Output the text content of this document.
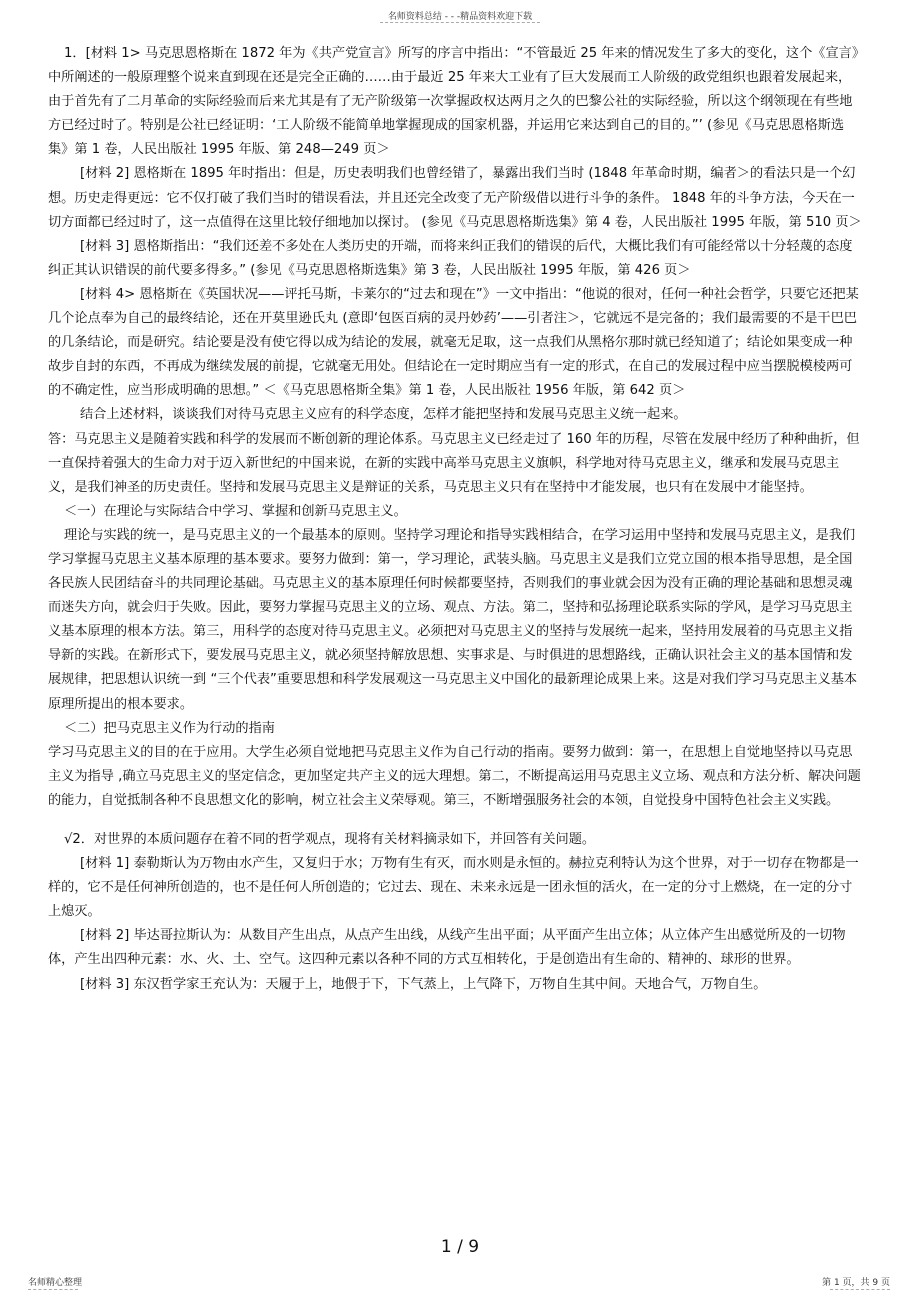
名师资料总结 - - -精品资料欢迎下载

1．[材料 1> 马克思恩格斯在 1872 年为《共产党宣言》所写的序言中指出：“不管最近 25 年来的情况发生了多大的变化，这个《宣言》中所阐述的一般原理整个说来直到现在还是完全正确的……由于最近 25 年来大工业有了巨大发展而工人阶级的政党组织也跟着发展起来，由于首先有了二月革命的实际经验而后来尤其是有了无产阶级第一次掌握政权达两月之久的巴黎公社的实际经验，所以这个纲领现在有些地方已经过时了。特别是公社已经证明：‘工人阶级不能简单地掌握现成的国家机器，并运用它来达到自己的目的。”’ (参见《马克思恩格斯选集》第 1 卷，人民出版社 1995 年版、第 248—249 页＞

[材料 2] 恩格斯在 1895 年时指出：但是，历史表明我们也曾经错了，暴露出我们当时 (1848 年革命时期，编者＞的看法只是一个幻想。历史走得更远：它不仅打破了我们当时的错误看法，并且还完全改变了无产阶级借以进行斗争的条件。 1848 年的斗争方法，今天在一切方面都已经过时了，这一点值得在这里比较仔细地加以探讨。 (参见《马克思恩格斯选集》第 4 卷，人民出版社 1995 年版，第 510 页＞

[材料 3] 恩格斯指出：“我们还差不多处在人类历史的开端，而将来纠正我们的错误的后代，大概比我们有可能经常以十分轻蔑的态度纠正其认识错误的前代要多得多。” (参见《马克思恩格斯选集》第 3 卷，人民出版社 1995 年版，第 426 页＞

[材料 4> 恩格斯在《英国状况——评托马斯，卡莱尔的“过去和现在”》一文中指出：“他说的很对，任何一种社会哲学，只要它还把某几个论点奉为自己的最终结论，还在开莫里逊氏丸 (意即‘包医百病的灵丹妙药’——引者注＞，它就远不是完备的；我们最需要的不是干巴巴的几条结论，而是研究。结论要是没有使它得以成为结论的发展，就毫无足取，这一点我们从黑格尔那时就已经知道了；结论如果变成一种故步自封的东西，不再成为继续发展的前提，它就毫无用处。但结论在一定时期应当有一定的形式，在自己的发展过程中应当摆脱模棱两可的不确定性，应当形成明确的思想。” ＜《马克思恩格斯全集》第 1 卷，人民出版社 1956 年版，第 642 页＞

结合上述材料，谈谈我们对待马克思主义应有的科学态度，怎样才能把坚持和发展马克思主义统一起来。

答：马克思主义是随着实践和科学的发展而不断创新的理论体系。马克思主义已经走过了 160 年的历程，尽管在发展中经历了种种曲折，但一直保持着强大的生命力对于迈入新世纪的中国来说，在新的实践中高举马克思主义旗帜，科学地对待马克思主义，继承和发展马克思主义，是我们神圣的历史责任。坚持和发展马克思主义是辩证的关系，马克思主义只有在坚持中才能发展，也只有在发展中才能坚持。

＜一）在理论与实际结合中学习、掌握和创新马克思主义。

理论与实践的统一，是马克思主义的一个最基本的原则。坚持学习理论和指导实践相结合，在学习运用中坚持和发展马克思主义，是我们学习掌握马克思主义基本原理的基本要求。要努力做到：第一，学习理论，武装头脑。马克思主义是我们立党立国的根本指导思想，是全国各民族人民团结奋斗的共同理论基础。马克思主义的基本原理任何时候都要坚持，否则我们的事业就会因为没有正确的理论基础和思想灵魂而迷失方向，就会归于失败。因此，要努力掌握马克思主义的立场、观点、方法。第二，坚持和弘扬理论联系实际的学风，是学习马克思主义基本原理的根本方法。第三，用科学的态度对待马克思主义。必须把对马克思主义的坚持与发展统一起来，坚持用发展着的马克思主义指导新的实践。在新形式下，要发展马克思主义，就必须坚持解放思想、实事求是、与时俱进的思想路线，正确认识社会主义的基本国情和发展规律，把思想认识统一到 “三个代表”重要思想和科学发展观这一马克思主义中国化的最新理论成果上来。这是对我们学习马克思主义基本原理所提出的根本要求。

＜二）把马克思主义作为行动的指南

学习马克思主义的目的在于应用。大学生必须自觉地把马克思主义作为自己行动的指南。要努力做到：第一，在思想上自觉地坚持以马克思主义为指导 ,确立马克思主义的坚定信念，更加坚定共产主义的远大理想。第二，不断提高运用马克思主义立场、观点和方法分析、解决问题的能力，自觉抵制各种不良思想文化的影响，树立社会主义荣辱观。第三，不断增强服务社会的本领，自觉投身中国特色社会主义实践。

√2．对世界的本质问题存在着不同的哲学观点，现将有关材料摘录如下，并回答有关问题。

[材料 1] 泰勒斯认为万物由水产生，又复归于水；万物有生有灭，而水则是永恒的。赫拉克利特认为这个世界，对于一切存在物都是一样的，它不是任何神所创造的，也不是任何人所创造的；它过去、现在、未来永远是一团永恒的活火，在一定的分寸上燃烧，在一定的分寸上熄灭。

[材料 2] 毕达哥拉斯认为：从数目产生出点，从点产生出线，从线产生出平面；从平面产生出立体；从立体产生出感觉所及的一切物体，产生出四种元素：水、火、土、空气。这四种元素以各种不同的方式互相转化，于是创造出有生命的、精神的、球形的世界。

[材料 3] 东汉哲学家王充认为：天履于上，地偎于下，下气蒸上，上气降下，万物自生其中间。天地合气，万物自生。

1 / 9
名师精心整理	第 1 页，共 9 页
